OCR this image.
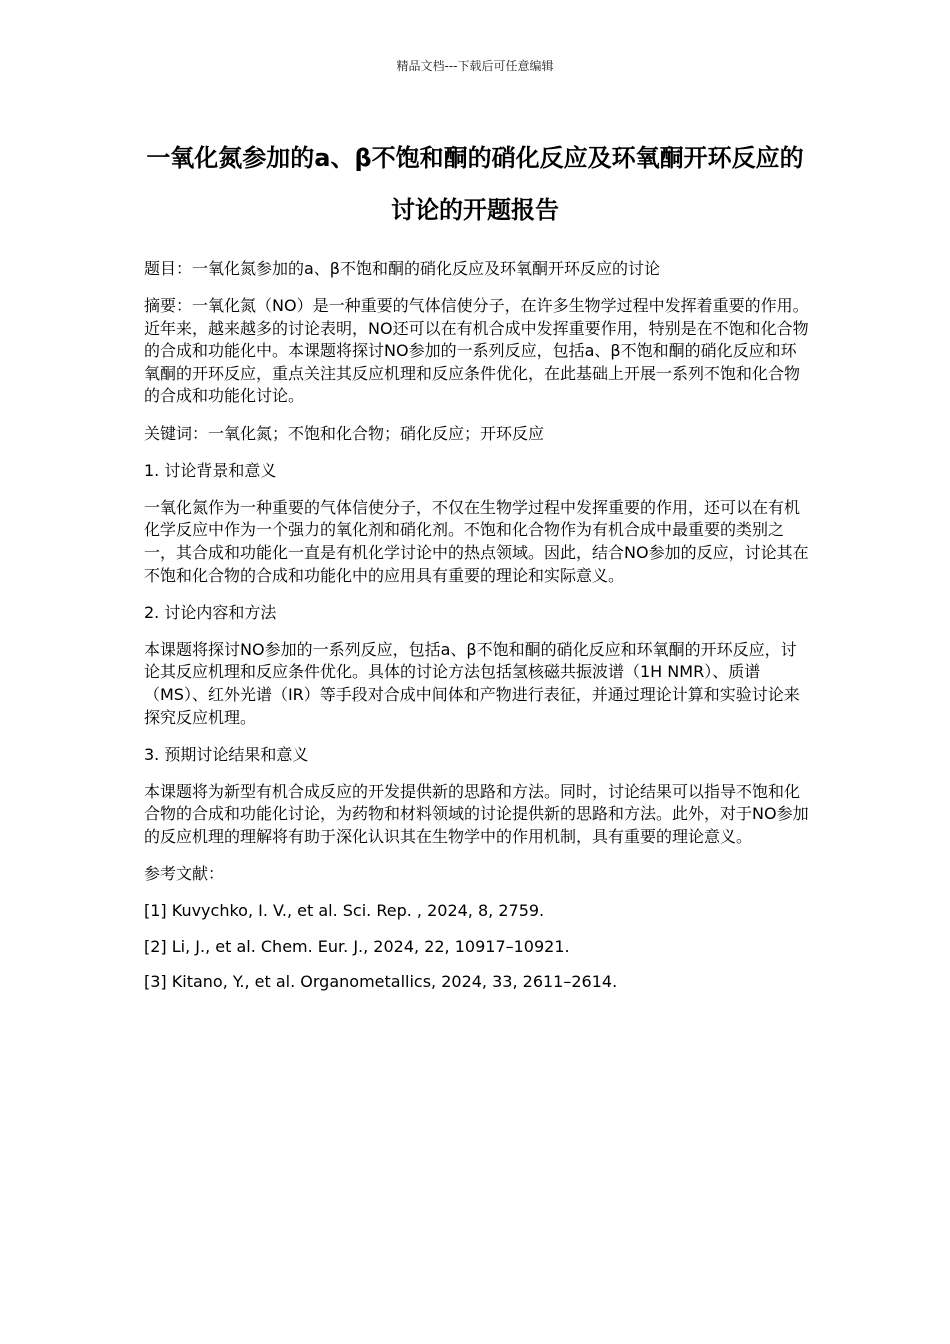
精品文档---下载后可任意编辑
一氧化氮参加的a、β不饱和酮的硝化反应及环氧酮开环反应的讨论的开题报告

题目：一氧化氮参加的a、β不饱和酮的硝化反应及环氧酮开环反应的讨论

摘要：一氧化氮（NO）是一种重要的气体信使分子，在许多生物学过程中发挥着重要的作用。近年来，越来越多的讨论表明，NO还可以在有机合成中发挥重要作用，特别是在不饱和化合物的合成和功能化中。本课题将探讨NO参加的一系列反应，包括a、β不饱和酮的硝化反应和环氧酮的开环反应，重点关注其反应机理和反应条件优化，在此基础上开展一系列不饱和化合物的合成和功能化讨论。

关键词：一氧化氮；不饱和化合物；硝化反应；开环反应

1. 讨论背景和意义

一氧化氮作为一种重要的气体信使分子，不仅在生物学过程中发挥重要的作用，还可以在有机化学反应中作为一个强力的氧化剂和硝化剂。不饱和化合物作为有机合成中最重要的类别之一，其合成和功能化一直是有机化学讨论中的热点领域。因此，结合NO参加的反应，讨论其在不饱和化合物的合成和功能化中的应用具有重要的理论和实际意义。

2. 讨论内容和方法

本课题将探讨NO参加的一系列反应，包括a、β不饱和酮的硝化反应和环氧酮的开环反应，讨论其反应机理和反应条件优化。具体的讨论方法包括氢核磁共振波谱（1H NMR）、质谱（MS）、红外光谱（IR）等手段对合成中间体和产物进行表征，并通过理论计算和实验讨论来探究反应机理。

3. 预期讨论结果和意义

本课题将为新型有机合成反应的开发提供新的思路和方法。同时，讨论结果可以指导不饱和化合物的合成和功能化讨论，为药物和材料领域的讨论提供新的思路和方法。此外，对于NO参加的反应机理的理解将有助于深化认识其在生物学中的作用机制，具有重要的理论意义。

参考文献：

[1] Kuvychko, I. V., et al. Sci. Rep. , 2024, 8, 2759.

[2] Li, J., et al. Chem. Eur. J., 2024, 22, 10917–10921.

[3] Kitano, Y., et al. Organometallics, 2024, 33, 2611–2614.
